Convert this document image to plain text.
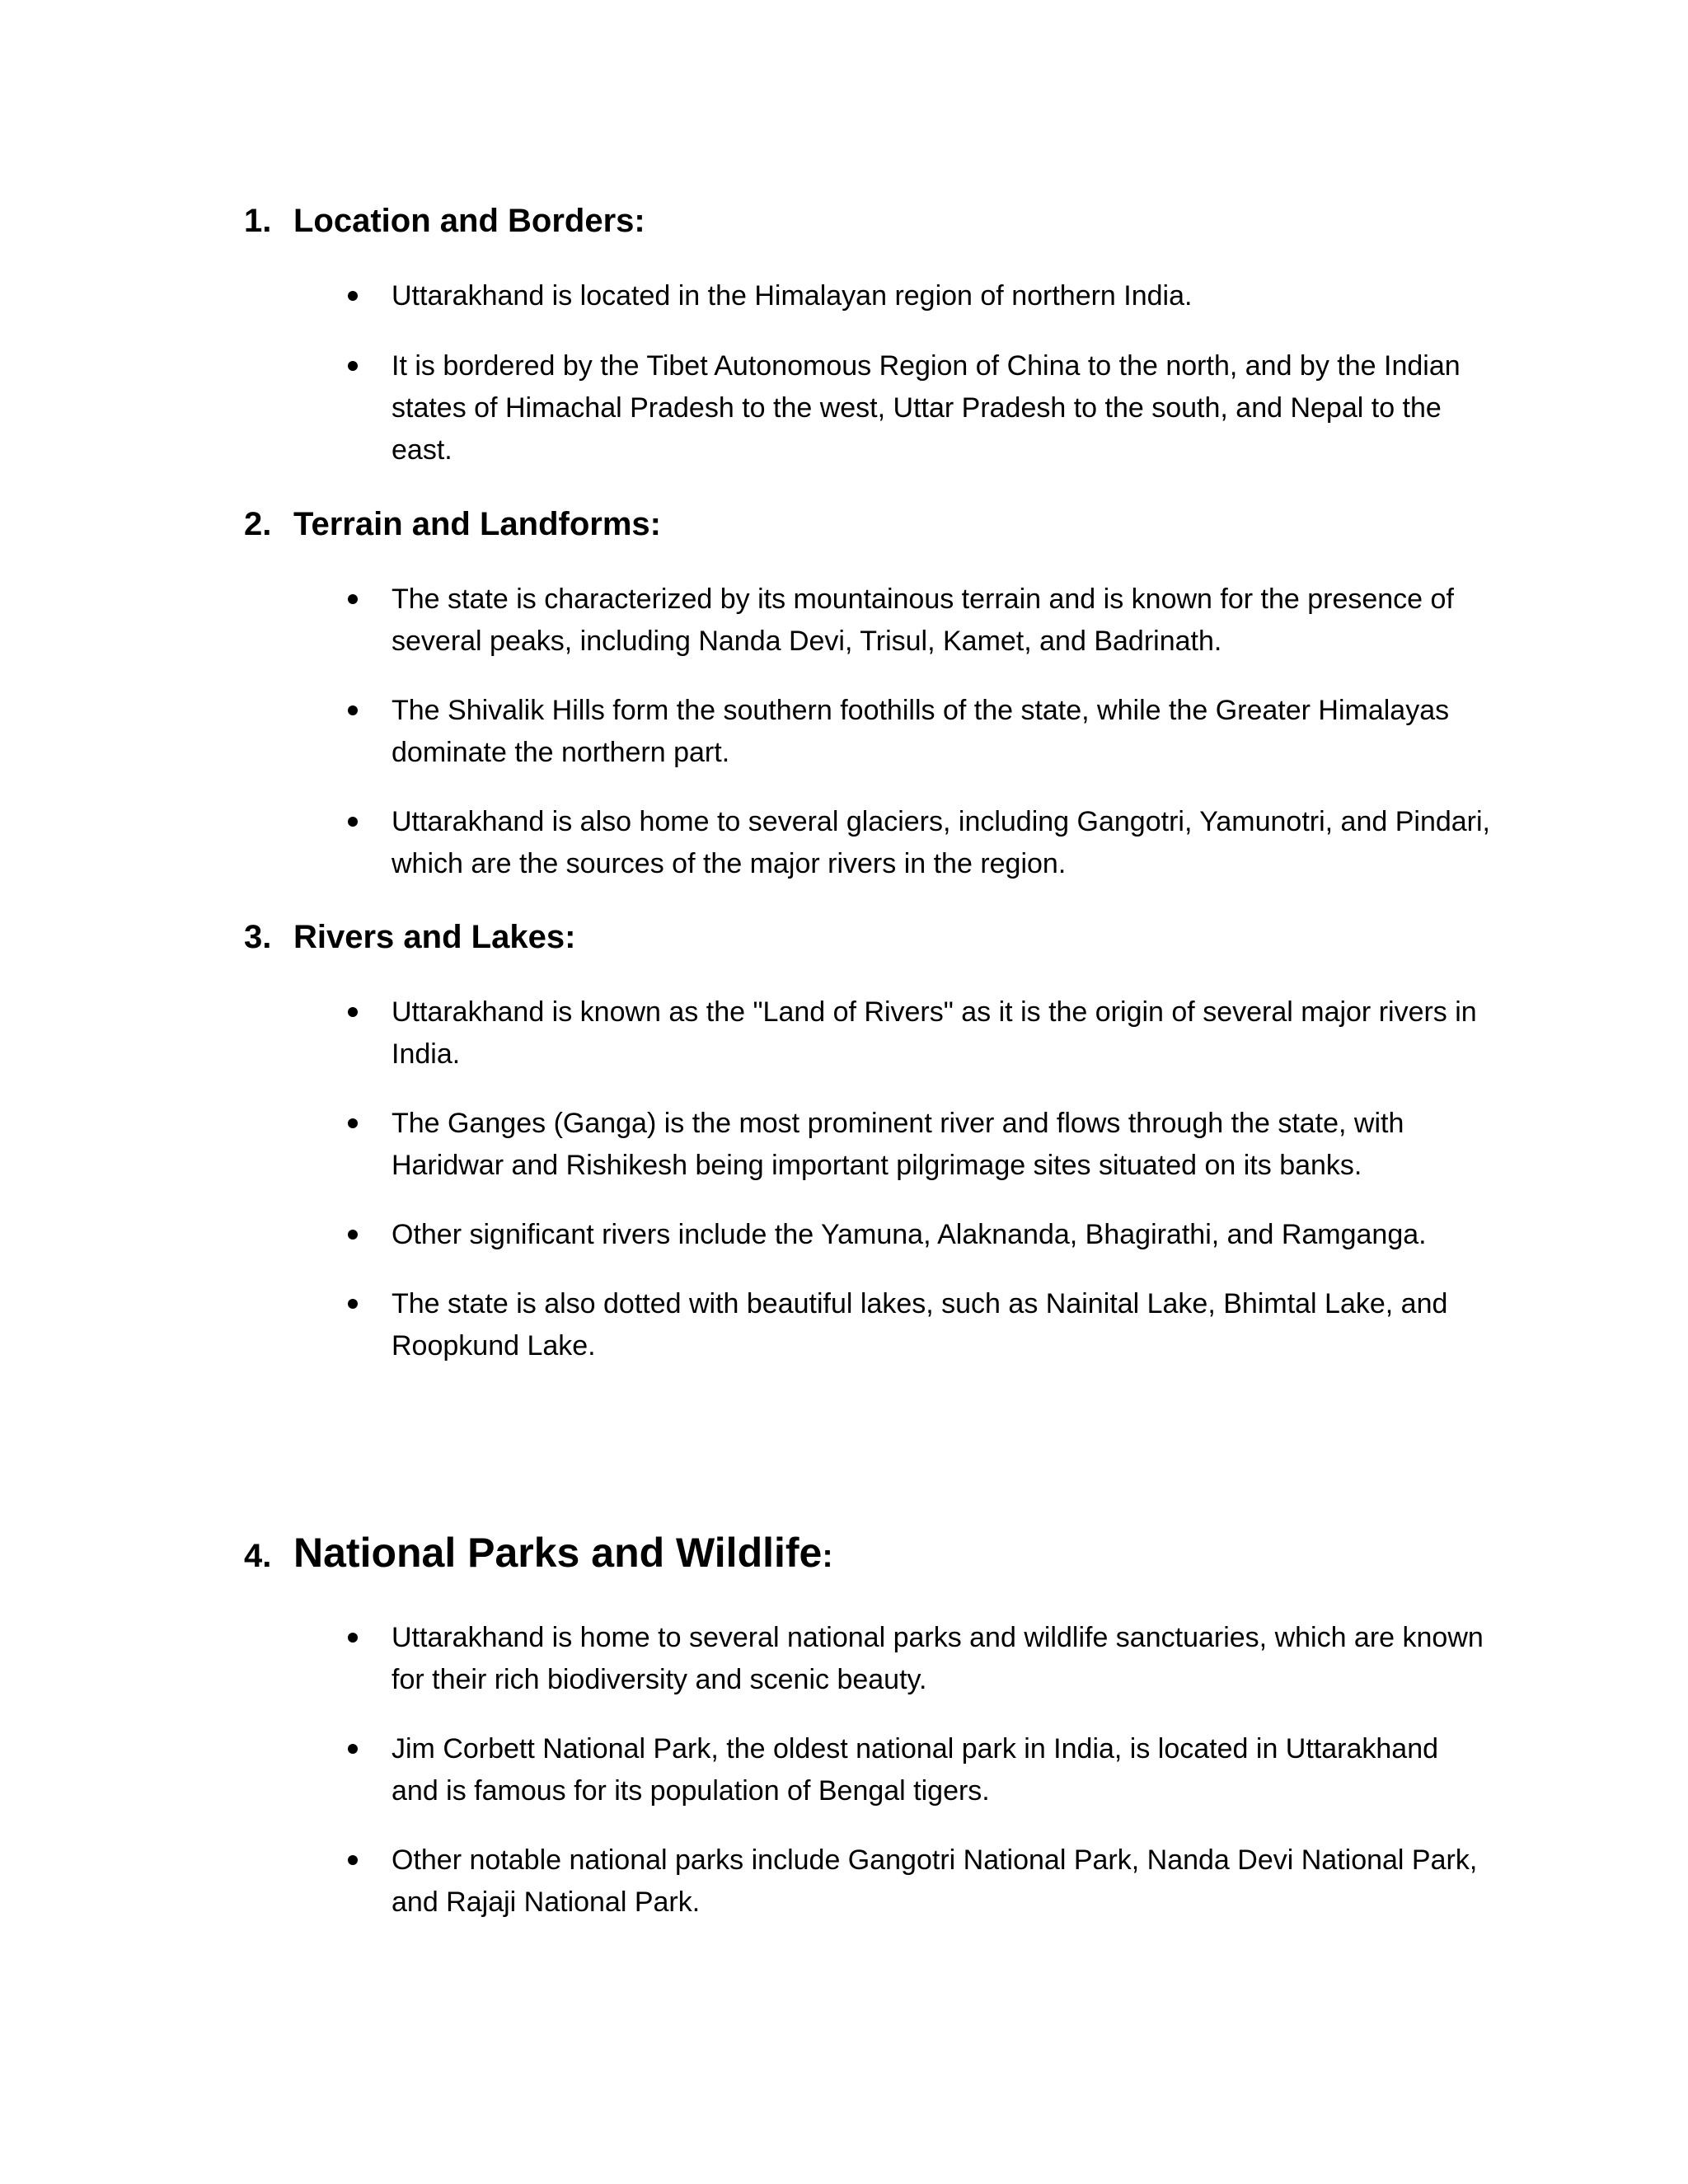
1. Location and Borders:
Uttarakhand is located in the Himalayan region of northern India.
It is bordered by the Tibet Autonomous Region of China to the north, and by the Indian states of Himachal Pradesh to the west, Uttar Pradesh to the south, and Nepal to the east.
2. Terrain and Landforms:
The state is characterized by its mountainous terrain and is known for the presence of several peaks, including Nanda Devi, Trisul, Kamet, and Badrinath.
The Shivalik Hills form the southern foothills of the state, while the Greater Himalayas dominate the northern part.
Uttarakhand is also home to several glaciers, including Gangotri, Yamunotri, and Pindari, which are the sources of the major rivers in the region.
3. Rivers and Lakes:
Uttarakhand is known as the "Land of Rivers" as it is the origin of several major rivers in India.
The Ganges (Ganga) is the most prominent river and flows through the state, with Haridwar and Rishikesh being important pilgrimage sites situated on its banks.
Other significant rivers include the Yamuna, Alaknanda, Bhagirathi, and Ramganga.
The state is also dotted with beautiful lakes, such as Nainital Lake, Bhimtal Lake, and Roopkund Lake.
4. National Parks and Wildlife:
Uttarakhand is home to several national parks and wildlife sanctuaries, which are known for their rich biodiversity and scenic beauty.
Jim Corbett National Park, the oldest national park in India, is located in Uttarakhand and is famous for its population of Bengal tigers.
Other notable national parks include Gangotri National Park, Nanda Devi National Park, and Rajaji National Park.
